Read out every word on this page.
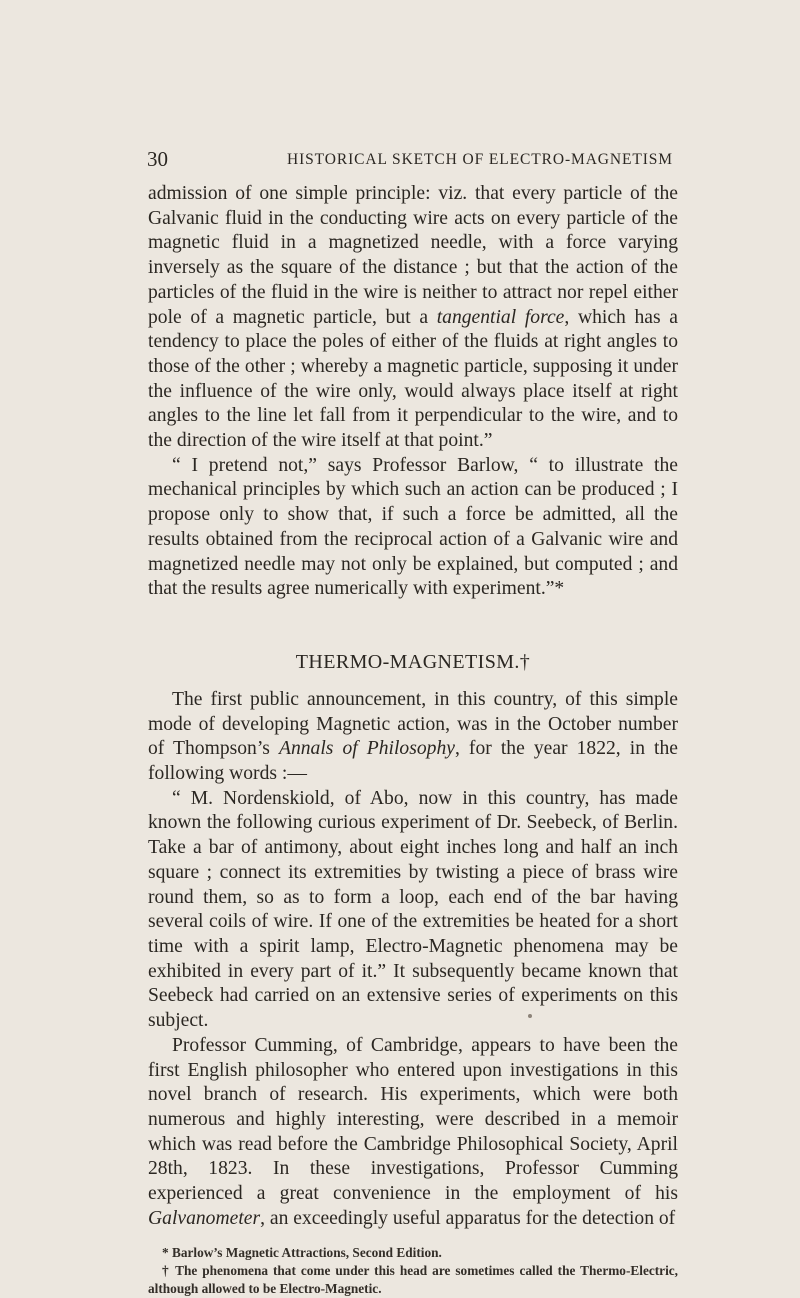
30	HISTORICAL SKETCH OF ELECTRO-MAGNETISM

admission of one simple principle: viz. that every particle of the Galvanic fluid in the conducting wire acts on every particle of the magnetic fluid in a magnetized needle, with a force varying inversely as the square of the distance ; but that the action of the particles of the fluid in the wire is neither to attract nor repel either pole of a magnetic particle, but a tangential force, which has a tendency to place the poles of either of the fluids at right angles to those of the other ; whereby a magnetic particle, supposing it under the influence of the wire only, would always place itself at right angles to the line let fall from it perpendicular to the wire, and to the direction of the wire itself at that point.”

“ I pretend not,” says Professor Barlow, “ to illustrate the mechanical principles by which such an action can be produced ; I propose only to show that, if such a force be admitted, all the results obtained from the reciprocal action of a Galvanic wire and magnetized needle may not only be explained, but computed ; and that the results agree numerically with experiment.”*

THERMO-MAGNETISM.†

The first public announcement, in this country, of this simple mode of developing Magnetic action, was in the October number of Thompson’s Annals of Philosophy, for the year 1822, in the following words :—

“ M. Nordenskiold, of Abo, now in this country, has made known the following curious experiment of Dr. Seebeck, of Berlin. Take a bar of antimony, about eight inches long and half an inch square ; connect its extremities by twisting a piece of brass wire round them, so as to form a loop, each end of the bar having several coils of wire. If one of the extremities be heated for a short time with a spirit lamp, Electro-Magnetic phenomena may be exhibited in every part of it.” It subsequently became known that Seebeck had carried on an extensive series of experiments on this subject.

Professor Cumming, of Cambridge, appears to have been the first English philosopher who entered upon investigations in this novel branch of research. His experiments, which were both numerous and highly interesting, were described in a memoir which was read before the Cambridge Philosophical Society, April 28th, 1823. In these investigations, Professor Cumming experienced a great convenience in the employment of his Galvanometer, an exceedingly useful apparatus for the detection of

* Barlow’s Magnetic Attractions, Second Edition.

† The phenomena that come under this head are sometimes called the Thermo-Electric, although allowed to be Electro-Magnetic.
